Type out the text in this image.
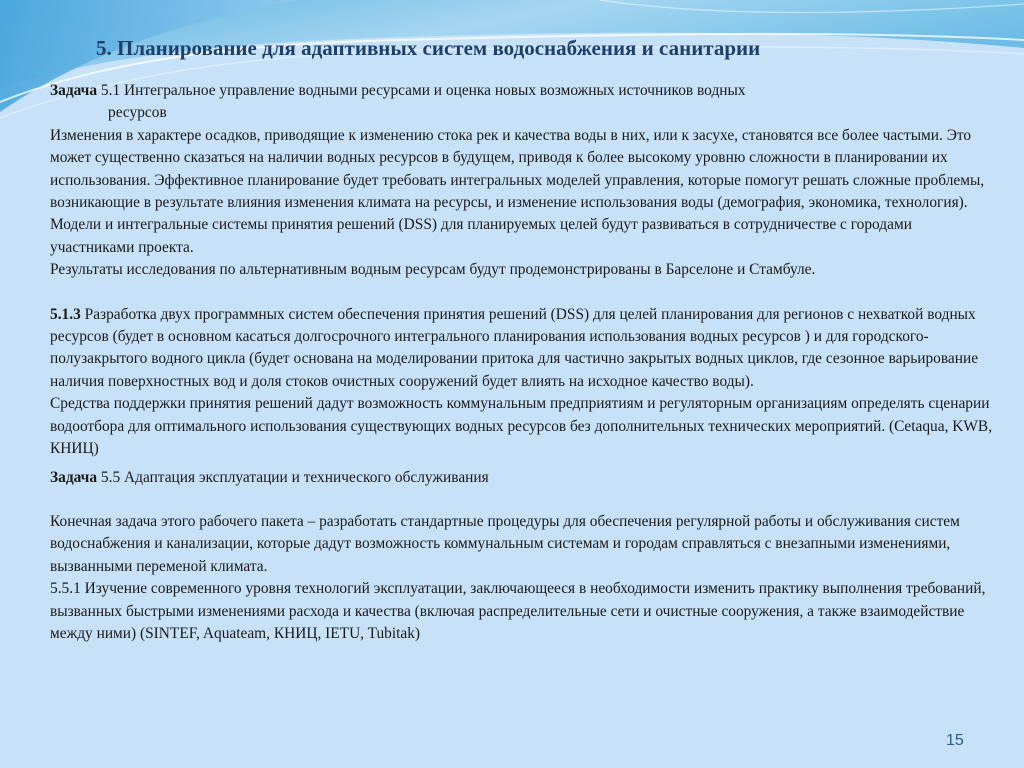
5. Планирование для адаптивных систем водоснабжения и санитарии

Задача 5.1 Интегральное управление водными ресурсами и оценка новых возможных источников водных

ресурсов

Изменения в характере осадков, приводящие к изменению стока рек и качества воды в них, или к засухе, становятся все более частыми. Это может существенно сказаться на наличии водных ресурсов в будущем, приводя к более высокому уровню сложности в планировании их использования. Эффективное планирование будет требовать интегральных моделей управления, которые помогут решать сложные проблемы, возникающие в результате влияния изменения климата на ресурсы, и изменение использования воды (демография, экономика, технология). Модели и интегральные системы принятия решений (DSS) для планируемых целей будут развиваться в сотрудничестве с городами участниками проекта.

Результаты исследования по альтернативным водным ресурсам будут продемонстрированы в Барселоне и Стамбуле.

5.1.3 Разработка двух программных систем обеспечения принятия решений (DSS) для целей планирования для регионов с нехваткой водных ресурсов (будет в основном касаться долгосрочного интегрального планирования использования водных ресурсов ) и для городского-полузакрытого водного цикла (будет основана на моделировании притока для частично закрытых водных циклов, где сезонное варьирование наличия поверхностных вод и доля стоков очистных сооружений будет влиять на исходное качество воды).

Средства поддержки принятия решений дадут возможность коммунальным предприятиям и регуляторным организациям определять сценарии водоотбора для оптимального использования существующих водных ресурсов без дополнительных технических мероприятий. (Cetaqua, KWB, КНИЦ)

Задача 5.5 Адаптация эксплуатации и технического обслуживания

Конечная задача этого рабочего пакета – разработать стандартные процедуры для обеспечения регулярной работы и обслуживания систем водоснабжения и канализации, которые дадут возможность коммунальным системам и городам справляться с внезапными изменениями, вызванными переменой климата.

5.5.1 Изучение современного уровня технологий эксплуатации, заключающееся в необходимости изменить практику выполнения требований, вызванных быстрыми изменениями расхода и качества (включая распределительные сети и очистные сооружения, а также взаимодействие между ними) (SINTEF, Aquateam, КНИЦ, IETU, Tubitak)

15
